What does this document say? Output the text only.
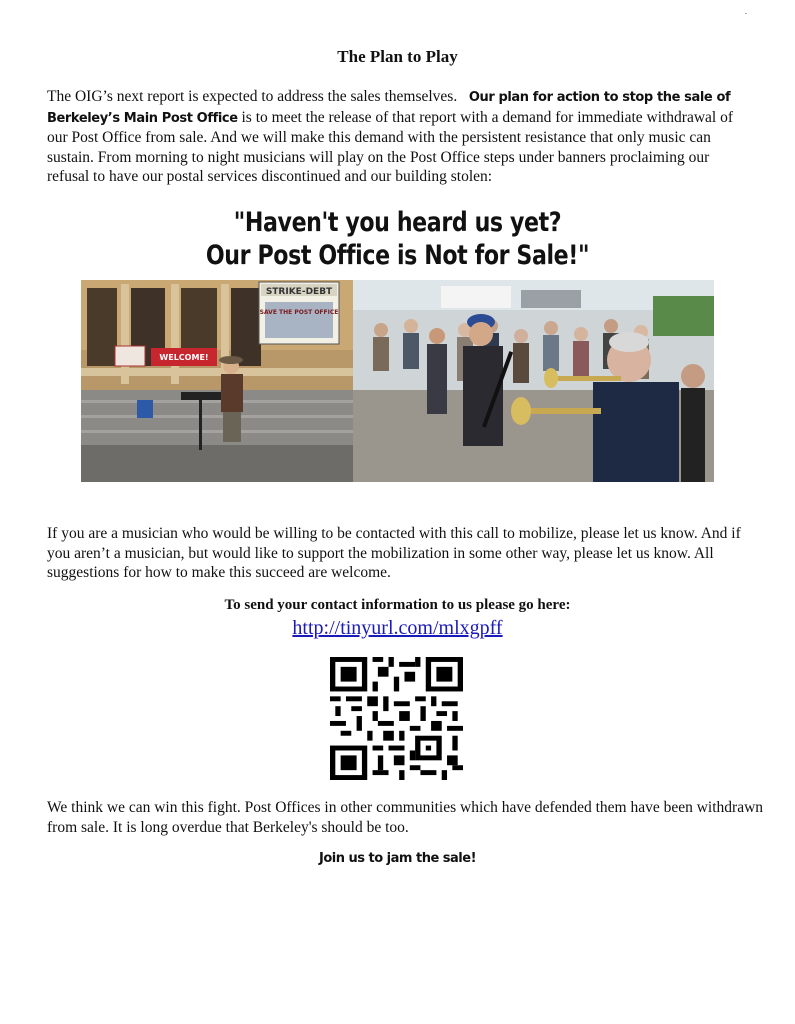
.
The Plan to Play

The OIG’s next report is expected to address the sales themselves. Our plan for action to stop the sale of Berkeley’s Main Post Office is to meet the release of that report with a demand for immediate withdrawal of our Post Office from sale. And we will make this demand with the persistent resistance that only music can sustain. From morning to night musicians will play on the Post Office steps under banners proclaiming our refusal to have our postal services discontinued and our building stolen:

"Haven't you heard us yet?
Our Post Office is Not for Sale!"
STRIKE-DEBT
SAVE THE POST OFFICE
WELCOME!

If you are a musician who would be willing to be contacted with this call to mobilize, please let us know. And if you aren’t a musician, but would like to support the mobilization in some other way, please let us know. All suggestions for how to make this succeed are welcome.

To send your contact information to us please go here:
http://tinyurl.com/mlxgpff

We think we can win this fight. Post Offices in other communities which have defended them have been withdrawn from sale. It is long overdue that Berkeley's should be too.

Join us to jam the sale!
